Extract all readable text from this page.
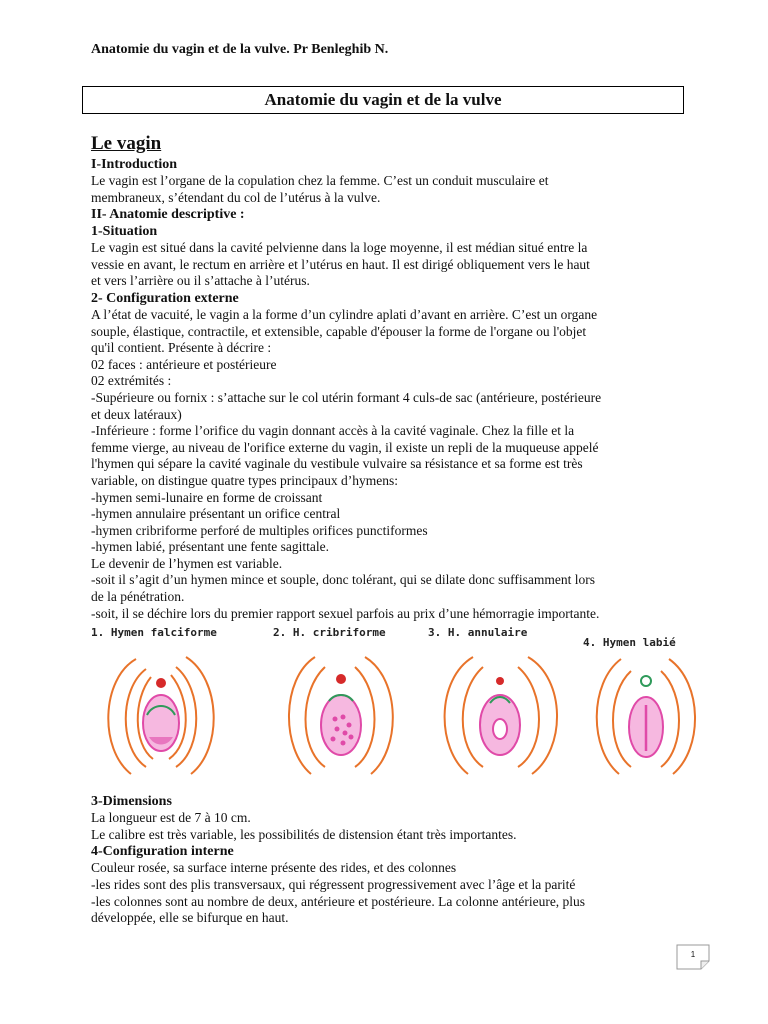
Anatomie du vagin et de la vulve. Pr Benleghib N.
Anatomie du vagin et de la vulve
Le vagin
I-Introduction
Le vagin est l’organe de la copulation chez la femme. C’est un conduit musculaire et
membraneux, s’étendant du col de l’utérus à la vulve.
II- Anatomie descriptive :
1-Situation
Le vagin est situé dans la cavité pelvienne dans la loge moyenne, il est médian situé entre la
vessie en avant, le rectum en arrière et l’utérus en haut. Il est dirigé obliquement vers le haut
et vers l’arrière ou il s’attache à l’utérus.
2- Configuration externe
A l’état de vacuité, le vagin a la forme d’un cylindre aplati d’avant en arrière. C’est un organe
souple, élastique, contractile, et extensible, capable d'épouser la forme de l'organe ou l'objet
qu'il contient. Présente à décrire :
02 faces : antérieure et postérieure
02 extrémités :
-Supérieure ou fornix : s’attache sur le col utérin formant 4 culs-de sac (antérieure, postérieure
et deux latéraux)
-Inférieure : forme l’orifice du vagin donnant accès à la cavité vaginale. Chez la fille et la
femme vierge, au niveau de l'orifice externe du vagin, il existe un repli de la muqueuse appelé
l'hymen qui sépare la cavité vaginale du vestibule vulvaire sa résistance et sa forme est très
variable, on distingue quatre types principaux d’hymens:
-hymen semi-lunaire en forme de croissant
-hymen annulaire présentant un orifice central
-hymen cribriforme perforé de multiples orifices punctiformes
-hymen labié, présentant une fente sagittale.
Le devenir de l’hymen est variable.
-soit il s’agit d’un hymen mince et souple, donc tolérant, qui se dilate donc suffisamment lors
de la pénétration.
-soit, il se déchire lors du premier rapport sexuel parfois au prix d’une hémorragie importante.
1. Hymen falciforme	2. H. cribriforme	3. H. annulaire
4. Hymen labié
3-Dimensions
La longueur est de 7 à 10 cm.
Le calibre est très variable, les possibilités de distension étant très importantes.
4-Configuration interne
Couleur rosée, sa surface interne présente des rides, et des colonnes
-les rides sont des plis transversaux, qui régressent progressivement avec l’âge et la parité
-les colonnes sont au nombre de deux, antérieure et postérieure. La colonne antérieure, plus
développée, elle se bifurque en haut.
1
